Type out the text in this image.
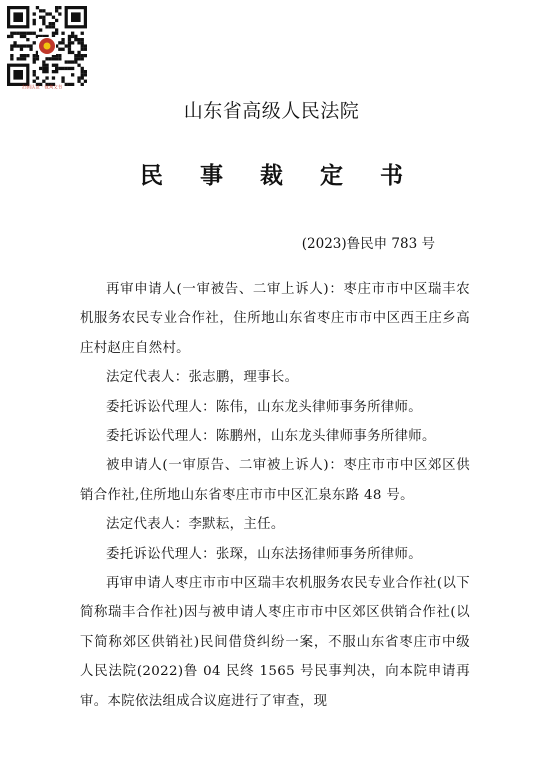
扫码认证 · 裁判文书
山东省高级人民法院
民事裁定书
(2023)鲁民申 783 号

再审申请人(一审被告、二审上诉人)：枣庄市市中区瑞丰农机服务农民专业合作社，住所地山东省枣庄市市中区西王庄乡高庄村赵庄自然村。

法定代表人：张志鹏，理事长。

委托诉讼代理人：陈伟，山东龙头律师事务所律师。

委托诉讼代理人：陈鹏州，山东龙头律师事务所律师。

被申请人(一审原告、二审被上诉人)：枣庄市市中区郊区供销合作社,住所地山东省枣庄市市中区汇泉东路 48 号。

法定代表人：李默耘，主任。

委托诉讼代理人：张琛，山东法扬律师事务所律师。

再审申请人枣庄市市中区瑞丰农机服务农民专业合作社(以下简称瑞丰合作社)因与被申请人枣庄市市中区郊区供销合作社(以下简称郊区供销社)民间借贷纠纷一案，不服山东省枣庄市中级人民法院(2022)鲁 04 民终 1565 号民事判决，向本院申请再审。本院依法组成合议庭进行了审查，现
